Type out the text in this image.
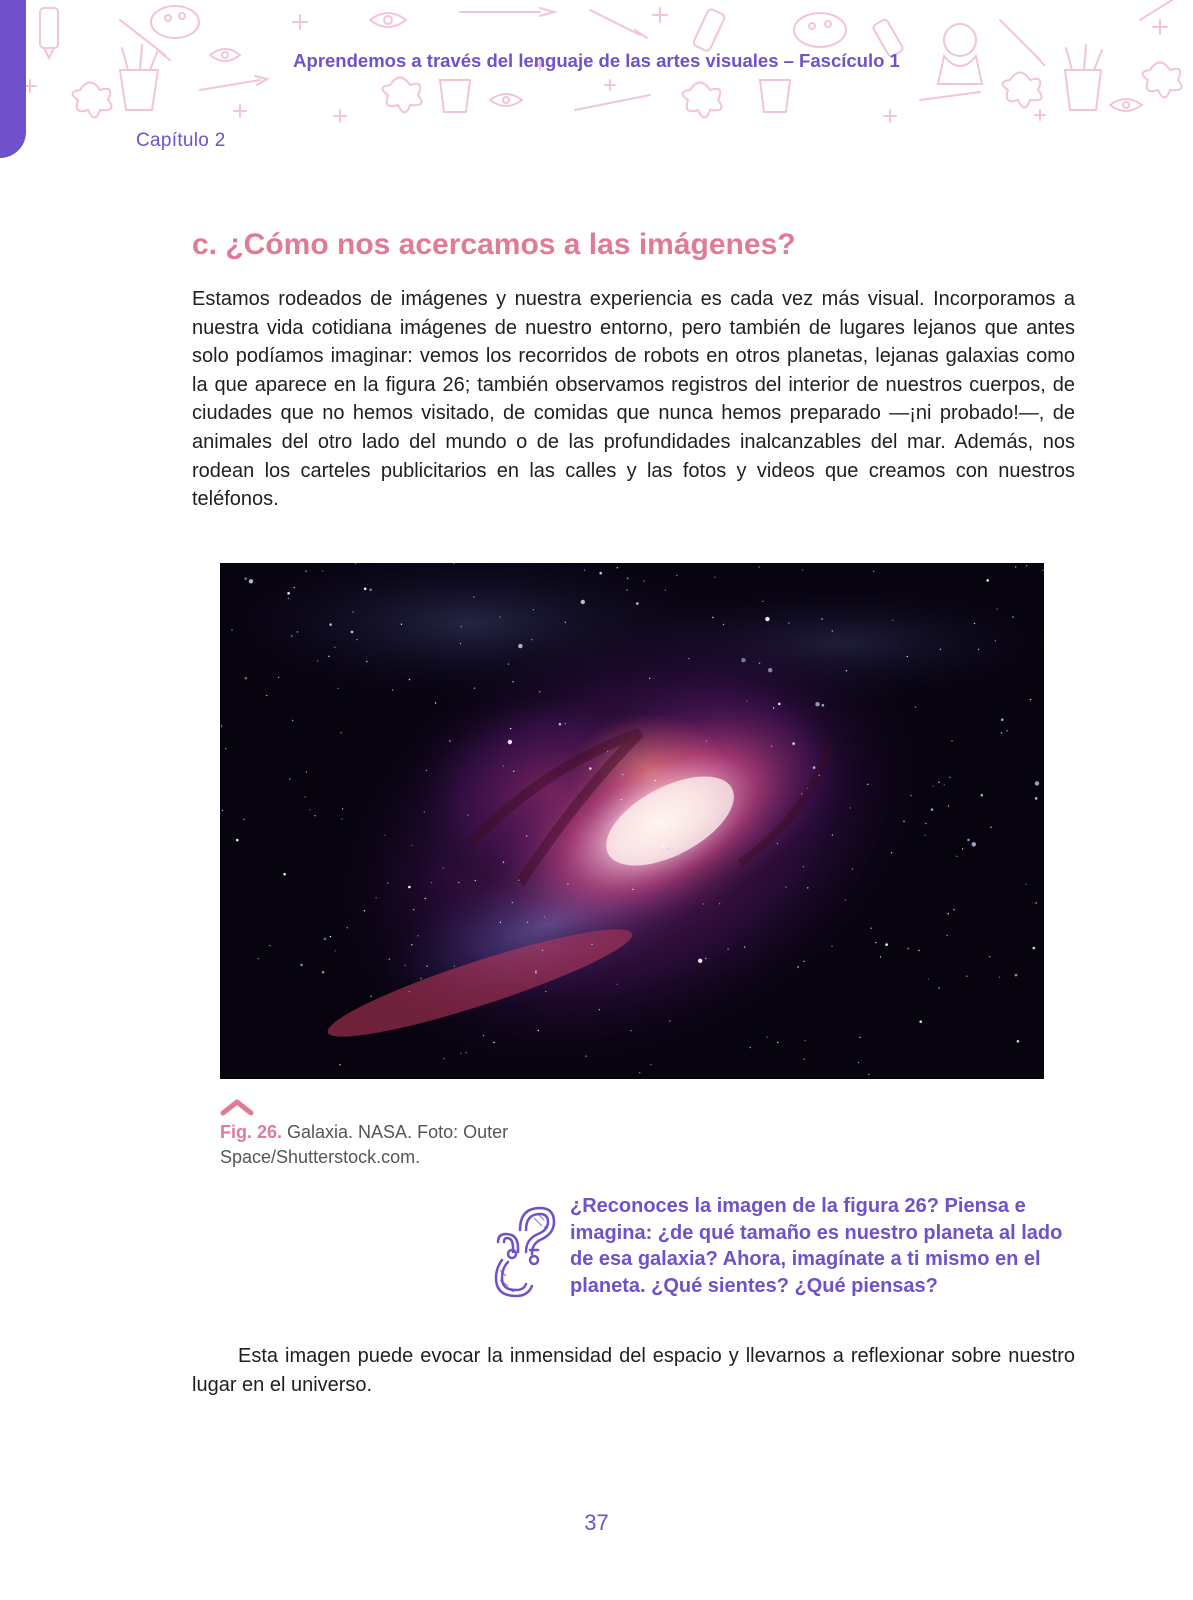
Aprendemos a través del lenguaje de las artes visuales – Fascículo 1
Capítulo 2
c. ¿Cómo nos acercamos a las imágenes?

Estamos rodeados de imágenes y nuestra experiencia es cada vez más visual. Incorporamos a nuestra vida cotidiana imágenes de nuestro entorno, pero también de lugares lejanos que antes solo podíamos imaginar: vemos los recorridos de robots en otros planetas, lejanas galaxias como la que aparece en la figura 26; también observamos registros del interior de nuestros cuerpos, de ciudades que no hemos visitado, de comidas que nunca hemos preparado —¡ni probado!—, de animales del otro lado del mundo o de las profundidades inalcanzables del mar. Además, nos rodean los carteles publicitarios en las calles y las fotos y videos que creamos con nuestros teléfonos.

Fig. 26. Galaxia. NASA. Foto: Outer Space/Shutterstock.com.

¿Reconoces la imagen de la figura 26? Piensa e imagina: ¿de qué tamaño es nuestro planeta al lado de esa galaxia? Ahora, imagínate a ti mismo en el planeta. ¿Qué sientes? ¿Qué piensas?

Esta imagen puede evocar la inmensidad del espacio y llevarnos a reflexionar sobre nuestro lugar en el universo.

37
